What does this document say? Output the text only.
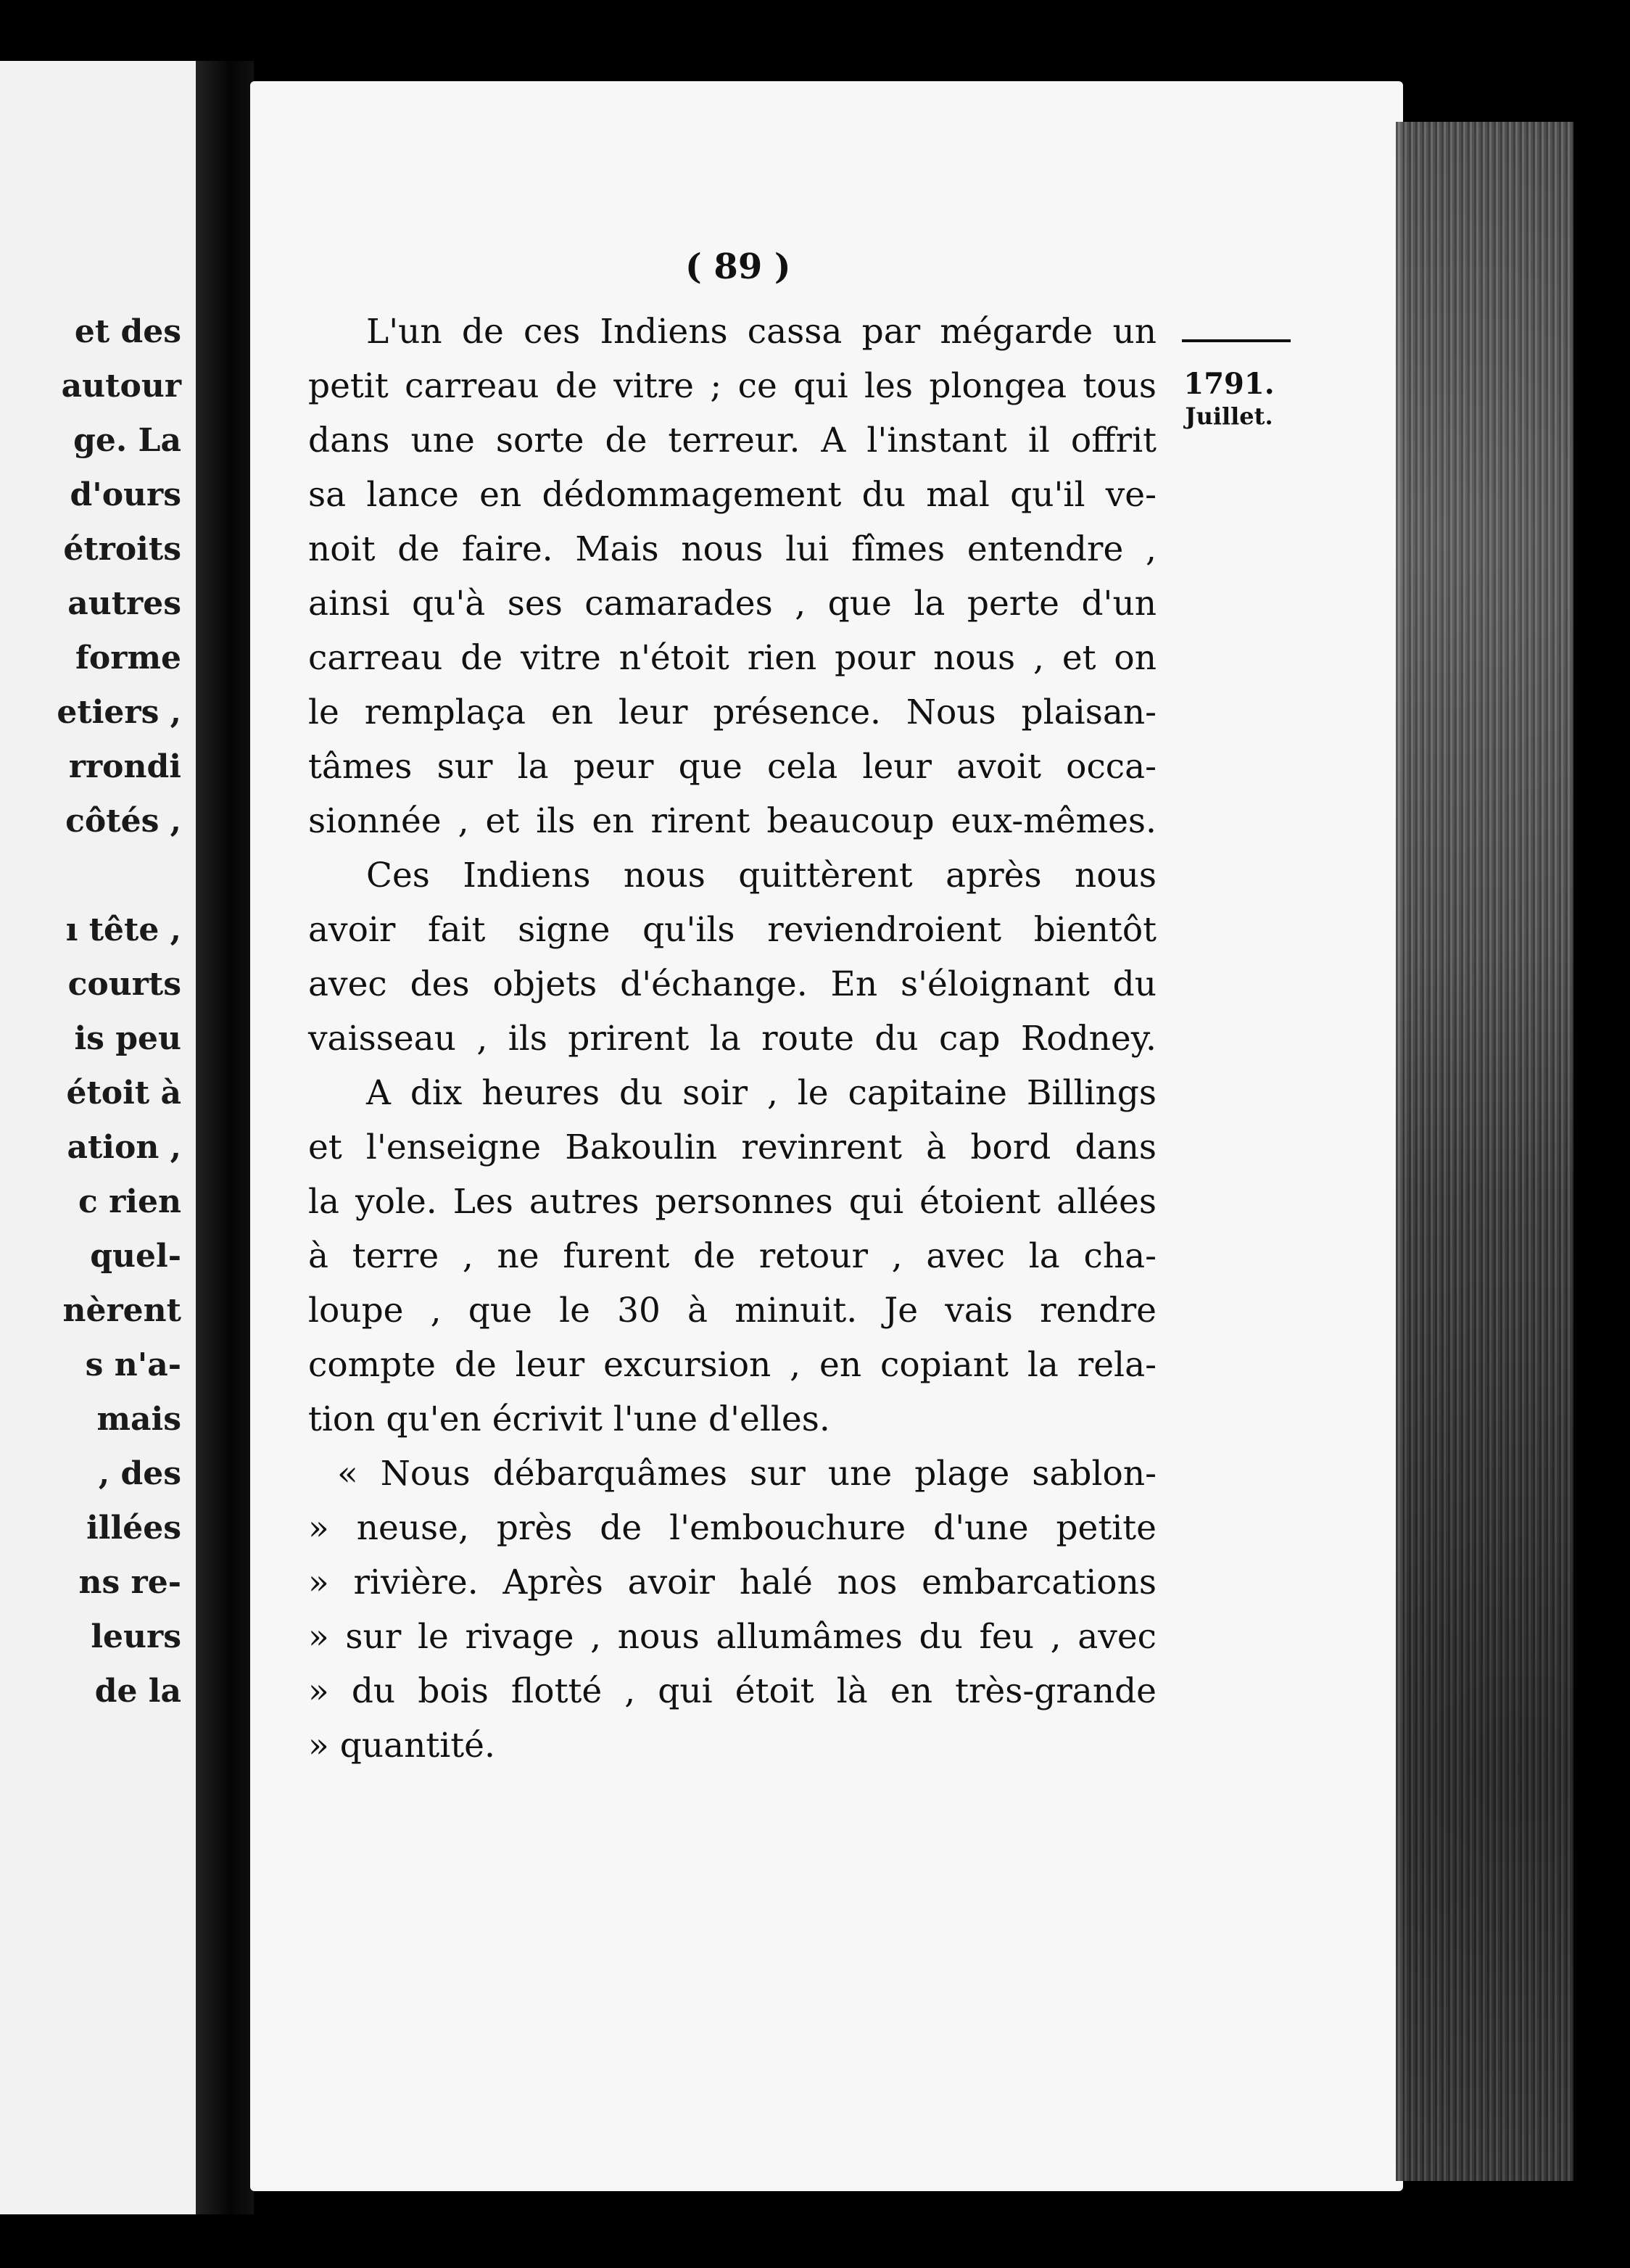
et des
autour
ge. La
d'ours
étroits
autres
forme
etiers ,
rrondi
côtés ,
ı tête ,
courts
is peu
étoit à
ation ,
c rien
quel-
nèrent
s n'a-
mais
, des
illées
ns re-
leurs
de la
( 89 )
1791.
Juillet.
L'un de ces Indiens cassa par mégarde un
petit carreau de vitre ; ce qui les plongea tous
dans une sorte de terreur. A l'instant il offrit
sa lance en dédommagement du mal qu'il ve-
noit de faire. Mais nous lui fîmes entendre ,
ainsi qu'à ses camarades , que la perte d'un
carreau de vitre n'étoit rien pour nous , et on
le remplaça en leur présence. Nous plaisan-
tâmes sur la peur que cela leur avoit occa-
sionnée , et ils en rirent beaucoup eux-mêmes.
Ces Indiens nous quittèrent après nous
avoir fait signe qu'ils reviendroient bientôt
avec des objets d'échange. En s'éloignant du
vaisseau , ils prirent la route du cap Rodney.
A dix heures du soir , le capitaine Billings
et l'enseigne Bakoulin revinrent à bord dans
la yole. Les autres personnes qui étoient allées
à terre , ne furent de retour , avec la cha-
loupe , que le 30 à minuit. Je vais rendre
compte de leur excursion , en copiant la rela-
tion qu'en écrivit l'une d'elles.
« Nous débarquâmes sur une plage sablon-
» neuse, près de l'embouchure d'une petite
» rivière. Après avoir halé nos embarcations
» sur le rivage , nous allumâmes du feu , avec
» du bois flotté , qui étoit là en très-grande
» quantité.
